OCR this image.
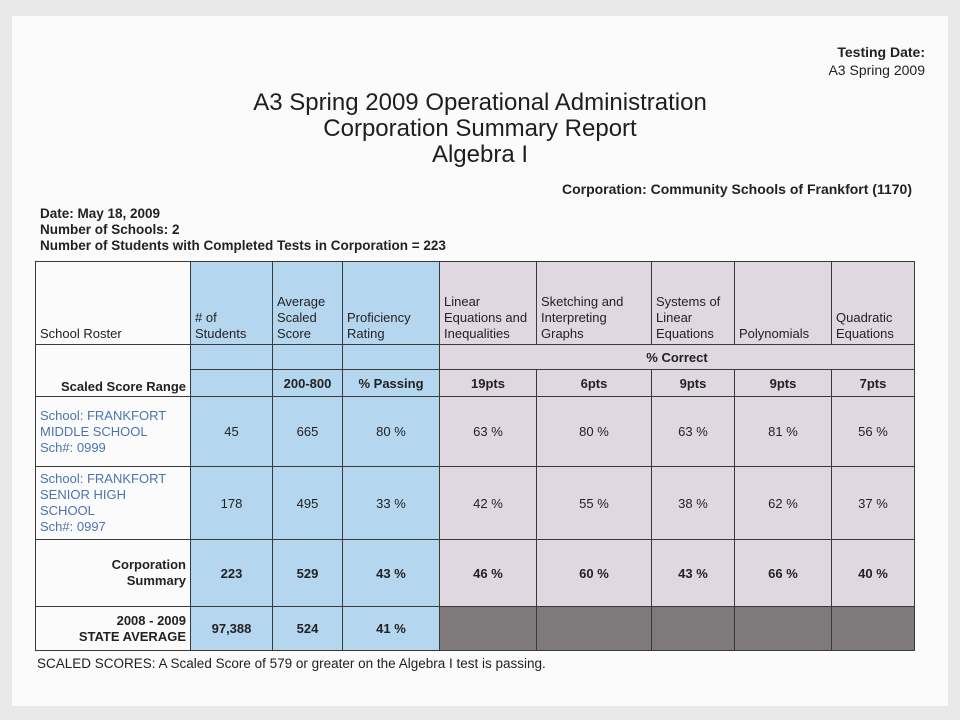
Testing Date:
A3 Spring 2009
A3 Spring 2009 Operational Administration
Corporation Summary Report
Algebra I
Corporation: Community Schools of Frankfort (1170)
Date: May 18, 2009
Number of Schools: 2
Number of Students with Completed Tests in Corporation = 223
School Roster	# of Students	Average Scaled Score	Proficiency Rating	Linear Equations and Inequalities	Sketching and Interpreting Graphs	Systems of Linear Equations	Polynomials	Quadratic Equations
Scaled Score Range				% Correct				
		200-800	% Passing	19pts	6pts	9pts	9pts	7pts

School: FRANKFORT
MIDDLE SCHOOL
Sch#: 0999	45	665	80 %	63 %	80 %	63 %	81 %	56 %

School: FRANKFORT
SENIOR HIGH
SCHOOL
Sch#: 0997	178	495	33 %	42 %	55 %	38 %	62 %	37 %

Corporation
Summary	223	529	43 %	46 %	60 %	43 %	66 %	40 %

2008 - 2009
STATE AVERAGE	97,388	524	41 %					
SCALED SCORES: A Scaled Score of 579 or greater on the Algebra I test is passing.
